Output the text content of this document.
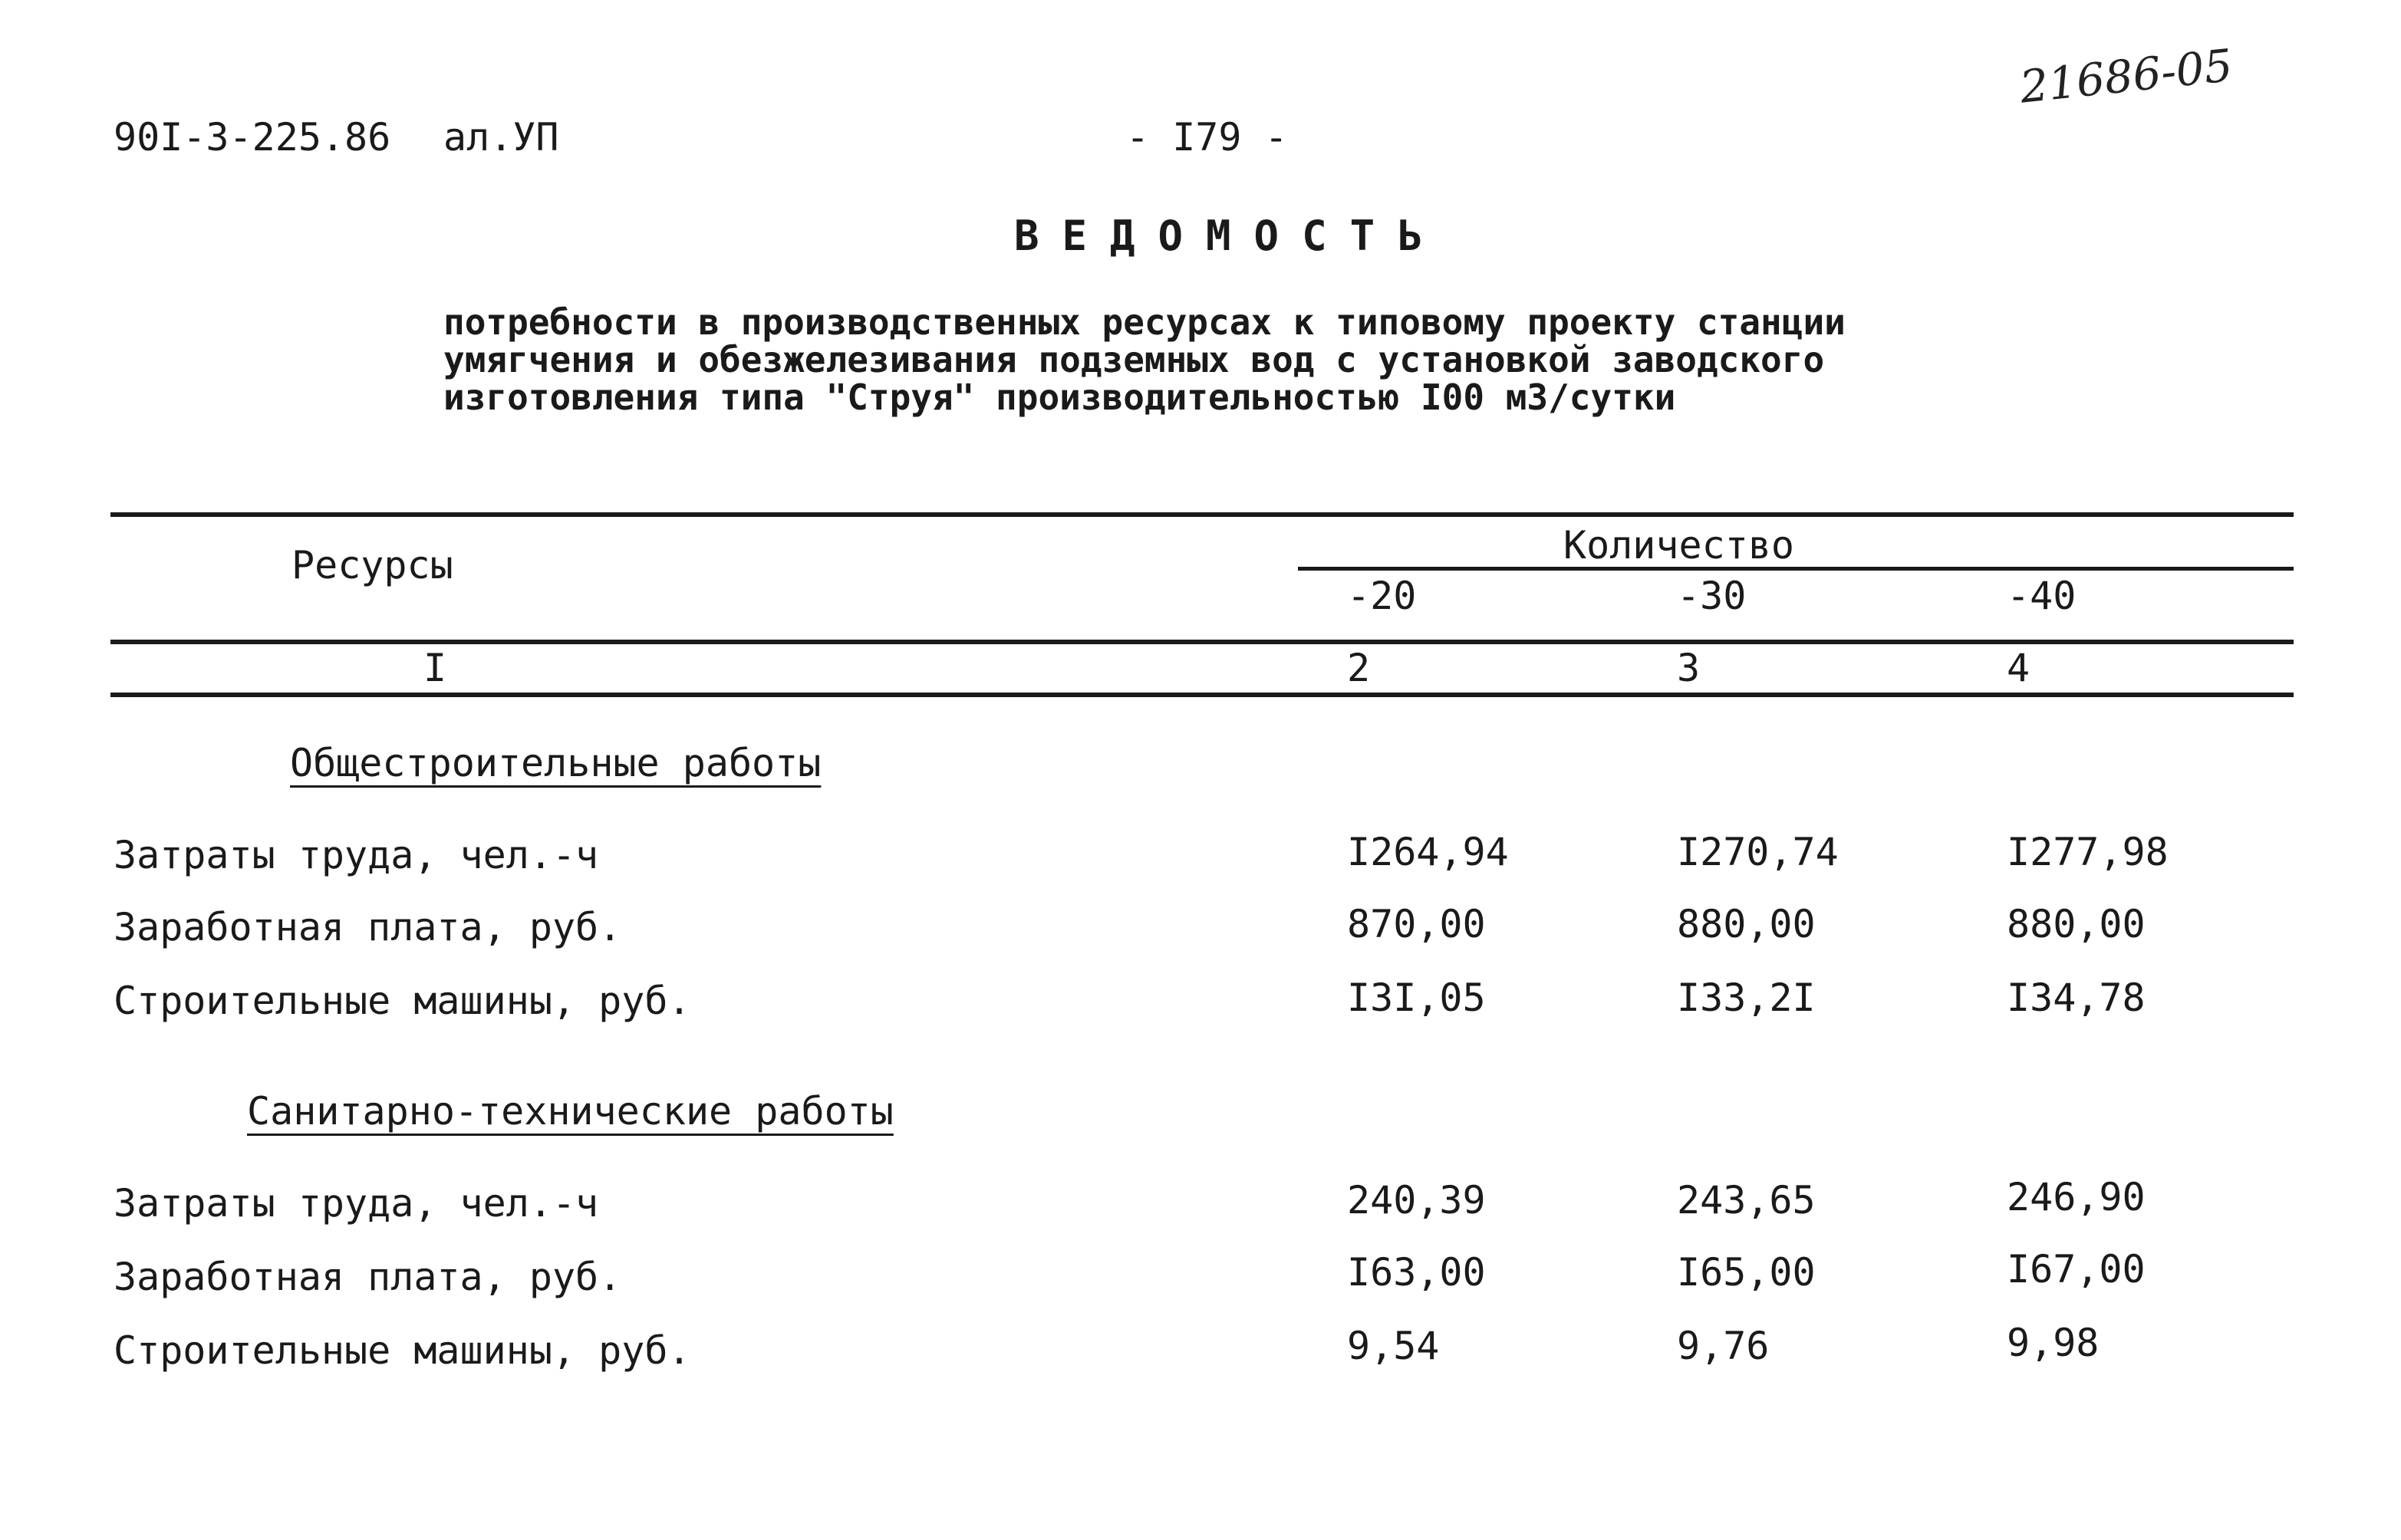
90I-3-225.86 ал.УП	- I79 -
21686-05
ВЕДОМОСТЬ
потребности в производственных ресурсах к типовому проекту станции
умягчения и обезжелезивания подземных вод с установкой заводского
изготовления типа "Струя" производительностью I00 м3/сутки
Ресурсы	Количество
-20	-30	-40
I	2	3	4
Общестроительные работы
Затраты труда, чел.-ч	I264,94	I270,74	I277,98
Заработная плата, руб.	870,00	880,00	880,00
Строительные машины, руб.	I3I,05	I33,2I	I34,78
Санитарно-технические работы
Затраты труда, чел.-ч	240,39	243,65	246,90
Заработная плата, руб.	I63,00	I65,00	I67,00
Строительные машины, руб.	9,54	9,76	9,98
